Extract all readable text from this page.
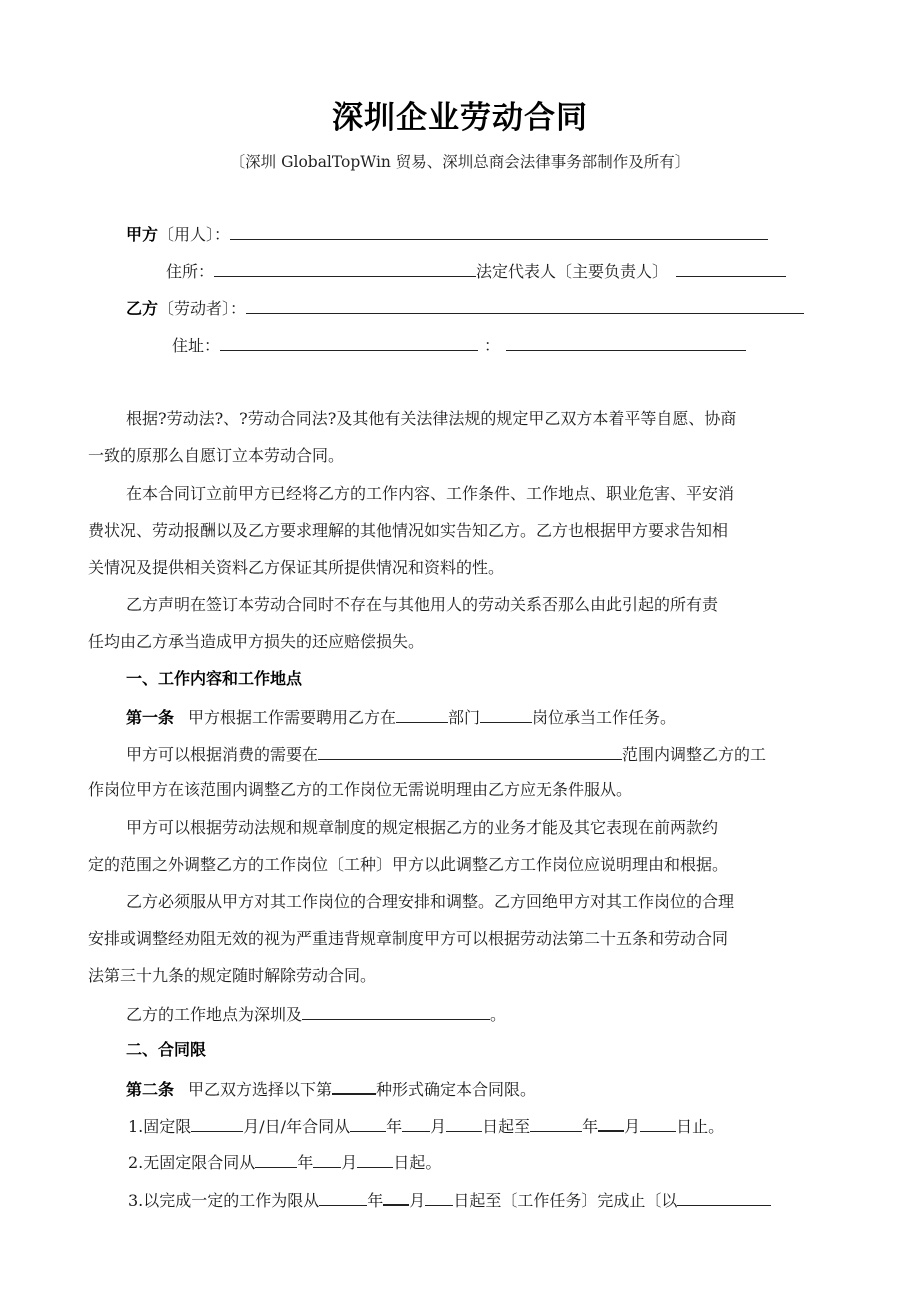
深圳企业劳动合同
〔深圳 GlobalTopWin 贸易、深圳总商会法律事务部制作及所有〕
甲方〔用人〕：
住所：	法定代表人〔主要负责人〕
乙方〔劳动者〕：
住址：	：
根据?劳动法?、?劳动合同法?及其他有关法律法规的规定甲乙双方本着平等自愿、协商
一致的原那么自愿订立本劳动合同。
在本合同订立前甲方已经将乙方的工作内容、工作条件、工作地点、职业危害、平安消
费状况、劳动报酬以及乙方要求理解的其他情况如实告知乙方。乙方也根据甲方要求告知相
关情况及提供相关资料乙方保证其所提供情况和资料的性。
乙方声明在签订本劳动合同时不存在与其他用人的劳动关系否那么由此引起的所有责
任均由乙方承当造成甲方损失的还应赔偿损失。
一、工作内容和工作地点
第一条 甲方根据工作需要聘用乙方在	部门	岗位承当工作任务。
甲方可以根据消费的需要在	范围内调整乙方的工
作岗位甲方在该范围内调整乙方的工作岗位无需说明理由乙方应无条件服从。
甲方可以根据劳动法规和规章制度的规定根据乙方的业务才能及其它表现在前两款约
定的范围之外调整乙方的工作岗位〔工种〕甲方以此调整乙方工作岗位应说明理由和根据。
乙方必须服从甲方对其工作岗位的合理安排和调整。乙方回绝甲方对其工作岗位的合理
安排或调整经劝阻无效的视为严重违背规章制度甲方可以根据劳动法第二十五条和劳动合同
法第三十九条的规定随时解除劳动合同。
乙方的工作地点为深圳及	。
二、合同限
第二条 甲乙双方选择以下第	种形式确定本合同限。
1.固定限	月/日/年合同从 年 月 日起至	年 月 日止。
2.无固定限合同从	年 月 日起。
3.以完成一定的工作为限从	年 月 日起至〔工作任务〕完成止〔以
